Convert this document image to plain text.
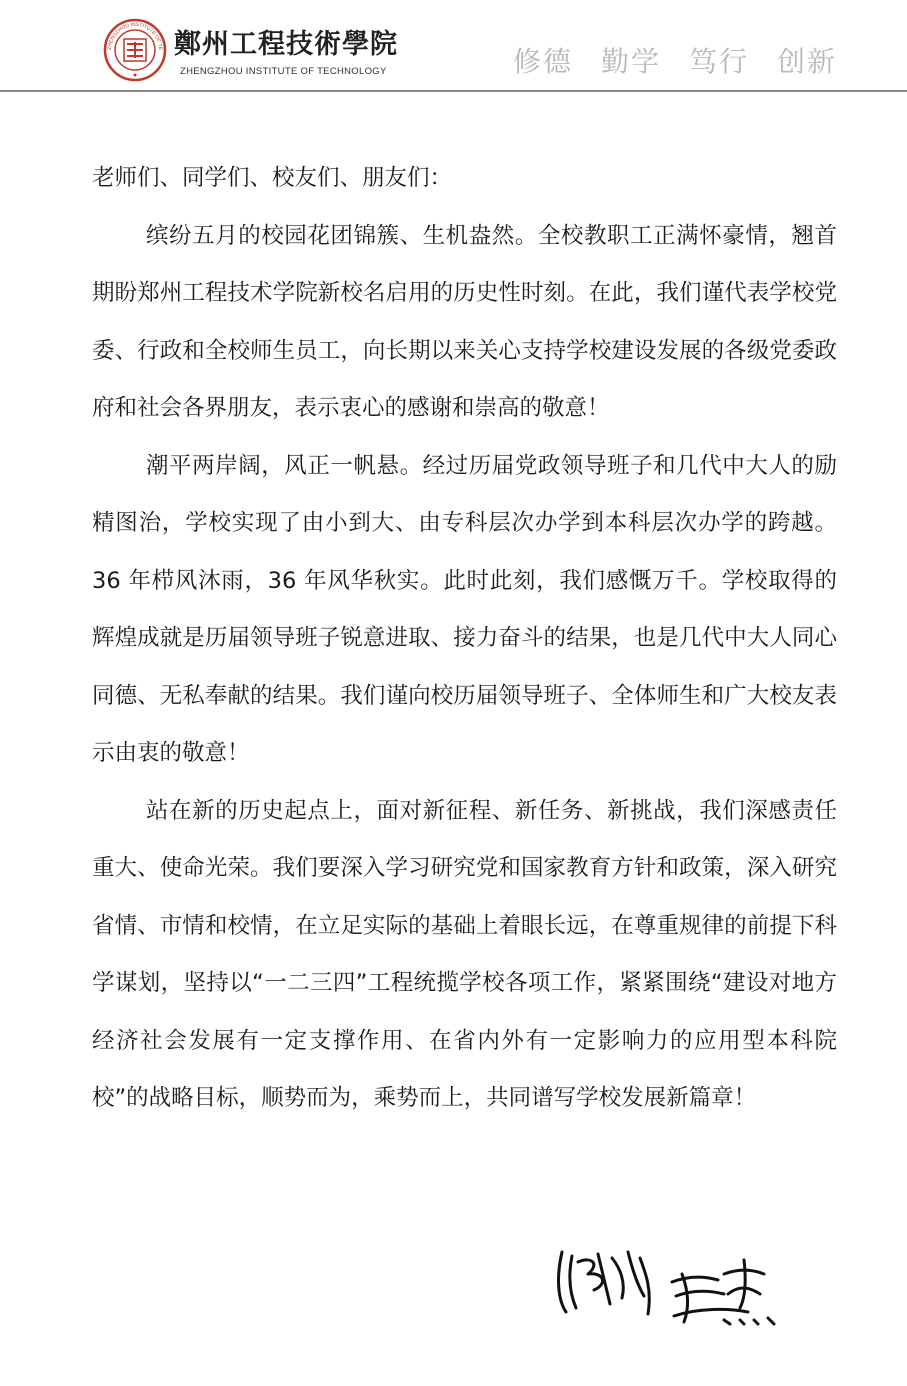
ZHENGZHOU INSTITUTE OF TE 鄭州工程技術學院
ZHENGZHOU INSTITUTE OF TECHNOLOGY	修德 勤学 笃行 创新

老师们、同学们、校友们、朋友们：

缤纷五月的校园花团锦簇、生机盎然。全校教职工正满怀豪情，翘首期盼郑州工程技术学院新校名启用的历史性时刻。在此，我们谨代表学校党委、行政和全校师生员工，向长期以来关心支持学校建设发展的各级党委政府和社会各界朋友，表示衷心的感谢和崇高的敬意！

潮平两岸阔，风正一帆悬。经过历届党政领导班子和几代中大人的励精图治，学校实现了由小到大、由专科层次办学到本科层次办学的跨越。36 年栉风沐雨，36 年风华秋实。此时此刻，我们感慨万千。学校取得的辉煌成就是历届领导班子锐意进取、接力奋斗的结果，也是几代中大人同心同德、无私奉献的结果。我们谨向校历届领导班子、全体师生和广大校友表示由衷的敬意！

站在新的历史起点上，面对新征程、新任务、新挑战，我们深感责任重大、使命光荣。我们要深入学习研究党和国家教育方针和政策，深入研究省情、市情和校情，在立足实际的基础上着眼长远，在尊重规律的前提下科学谋划，坚持以“一二三四”工程统揽学校各项工作，紧紧围绕“建设对地方经济社会发展有一定支撑作用、在省内外有一定影响力的应用型本科院校”的战略目标，顺势而为，乘势而上，共同谱写学校发展新篇章！
